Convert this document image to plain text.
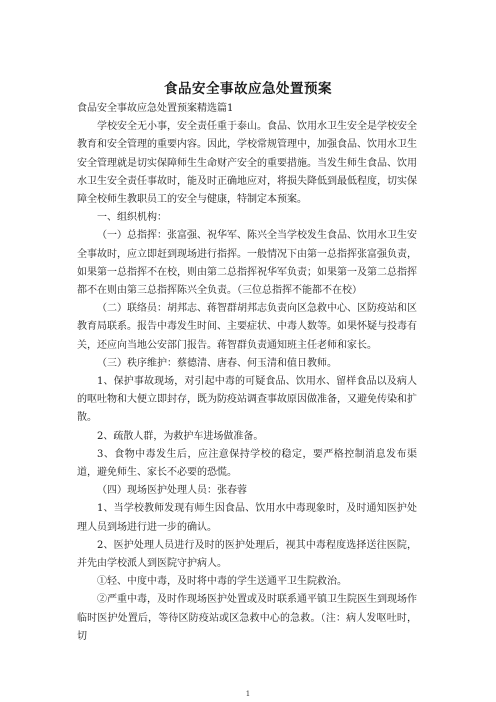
食品安全事故应急处置预案

食品安全事故应急处置预案精选篇1

学校安全无小事，安全责任重于泰山。食品、饮用水卫生安全是学校安全教育和安全管理的重要内容。因此，学校常规管理中，加强食品、饮用水卫生安全管理就是切实保障师生生命财产安全的重要措施。当发生师生食品、饮用水卫生安全责任事故时，能及时正确地应对，将损失降低到最低程度，切实保障全校师生教职员工的安全与健康，特制定本预案。

一、组织机构：

（一）总指挥：张富强、祝华军、陈兴全当学校发生食品、饮用水卫生安全事故时，应立即赶到现场进行指挥。一般情况下由第一总指挥张富强负责，如果第一总指挥不在校，则由第二总指挥祝华军负责；如果第一及第二总指挥都不在则由第三总指挥陈兴全负责。（三位总指挥不能都不在校）

（二）联络员：胡邦志、蒋智群胡邦志负责向区急救中心、区防疫站和区教育局联系。报告中毒发生时间、主要症状、中毒人数等。如果怀疑与投毒有关，还应向当地公安部门报告。蒋智群负责通知班主任老师和家长。

（三）秩序维护：蔡德清、唐春、何玉清和值日教师。

1、保护事故现场，对引起中毒的可疑食品、饮用水、留样食品以及病人的呕吐物和大便立即封存，既为防疫站调查事故原因做准备，又避免传染和扩散。

2、疏散人群，为救护车进场做准备。

3、食物中毒发生后，应注意保持学校的稳定，要严格控制消息发布渠道，避免师生、家长不必要的恐慌。

（四）现场医护处理人员：张春蓉

1、当学校教师发现有师生因食品、饮用水中毒现象时，及时通知医护处理人员到场进行进一步的确认。

2、医护处理人员进行及时的医护处理后，视其中毒程度选择送往医院，并先由学校派人到医院守护病人。

①轻、中度中毒，及时将中毒的学生送通平卫生院救治。

②严重中毒，及时作现场医护处置或及时联系通平镇卫生院医生到现场作临时医护处置后，等待区防疫站或区急救中心的急救。（注：病人发呕吐时，切

1
